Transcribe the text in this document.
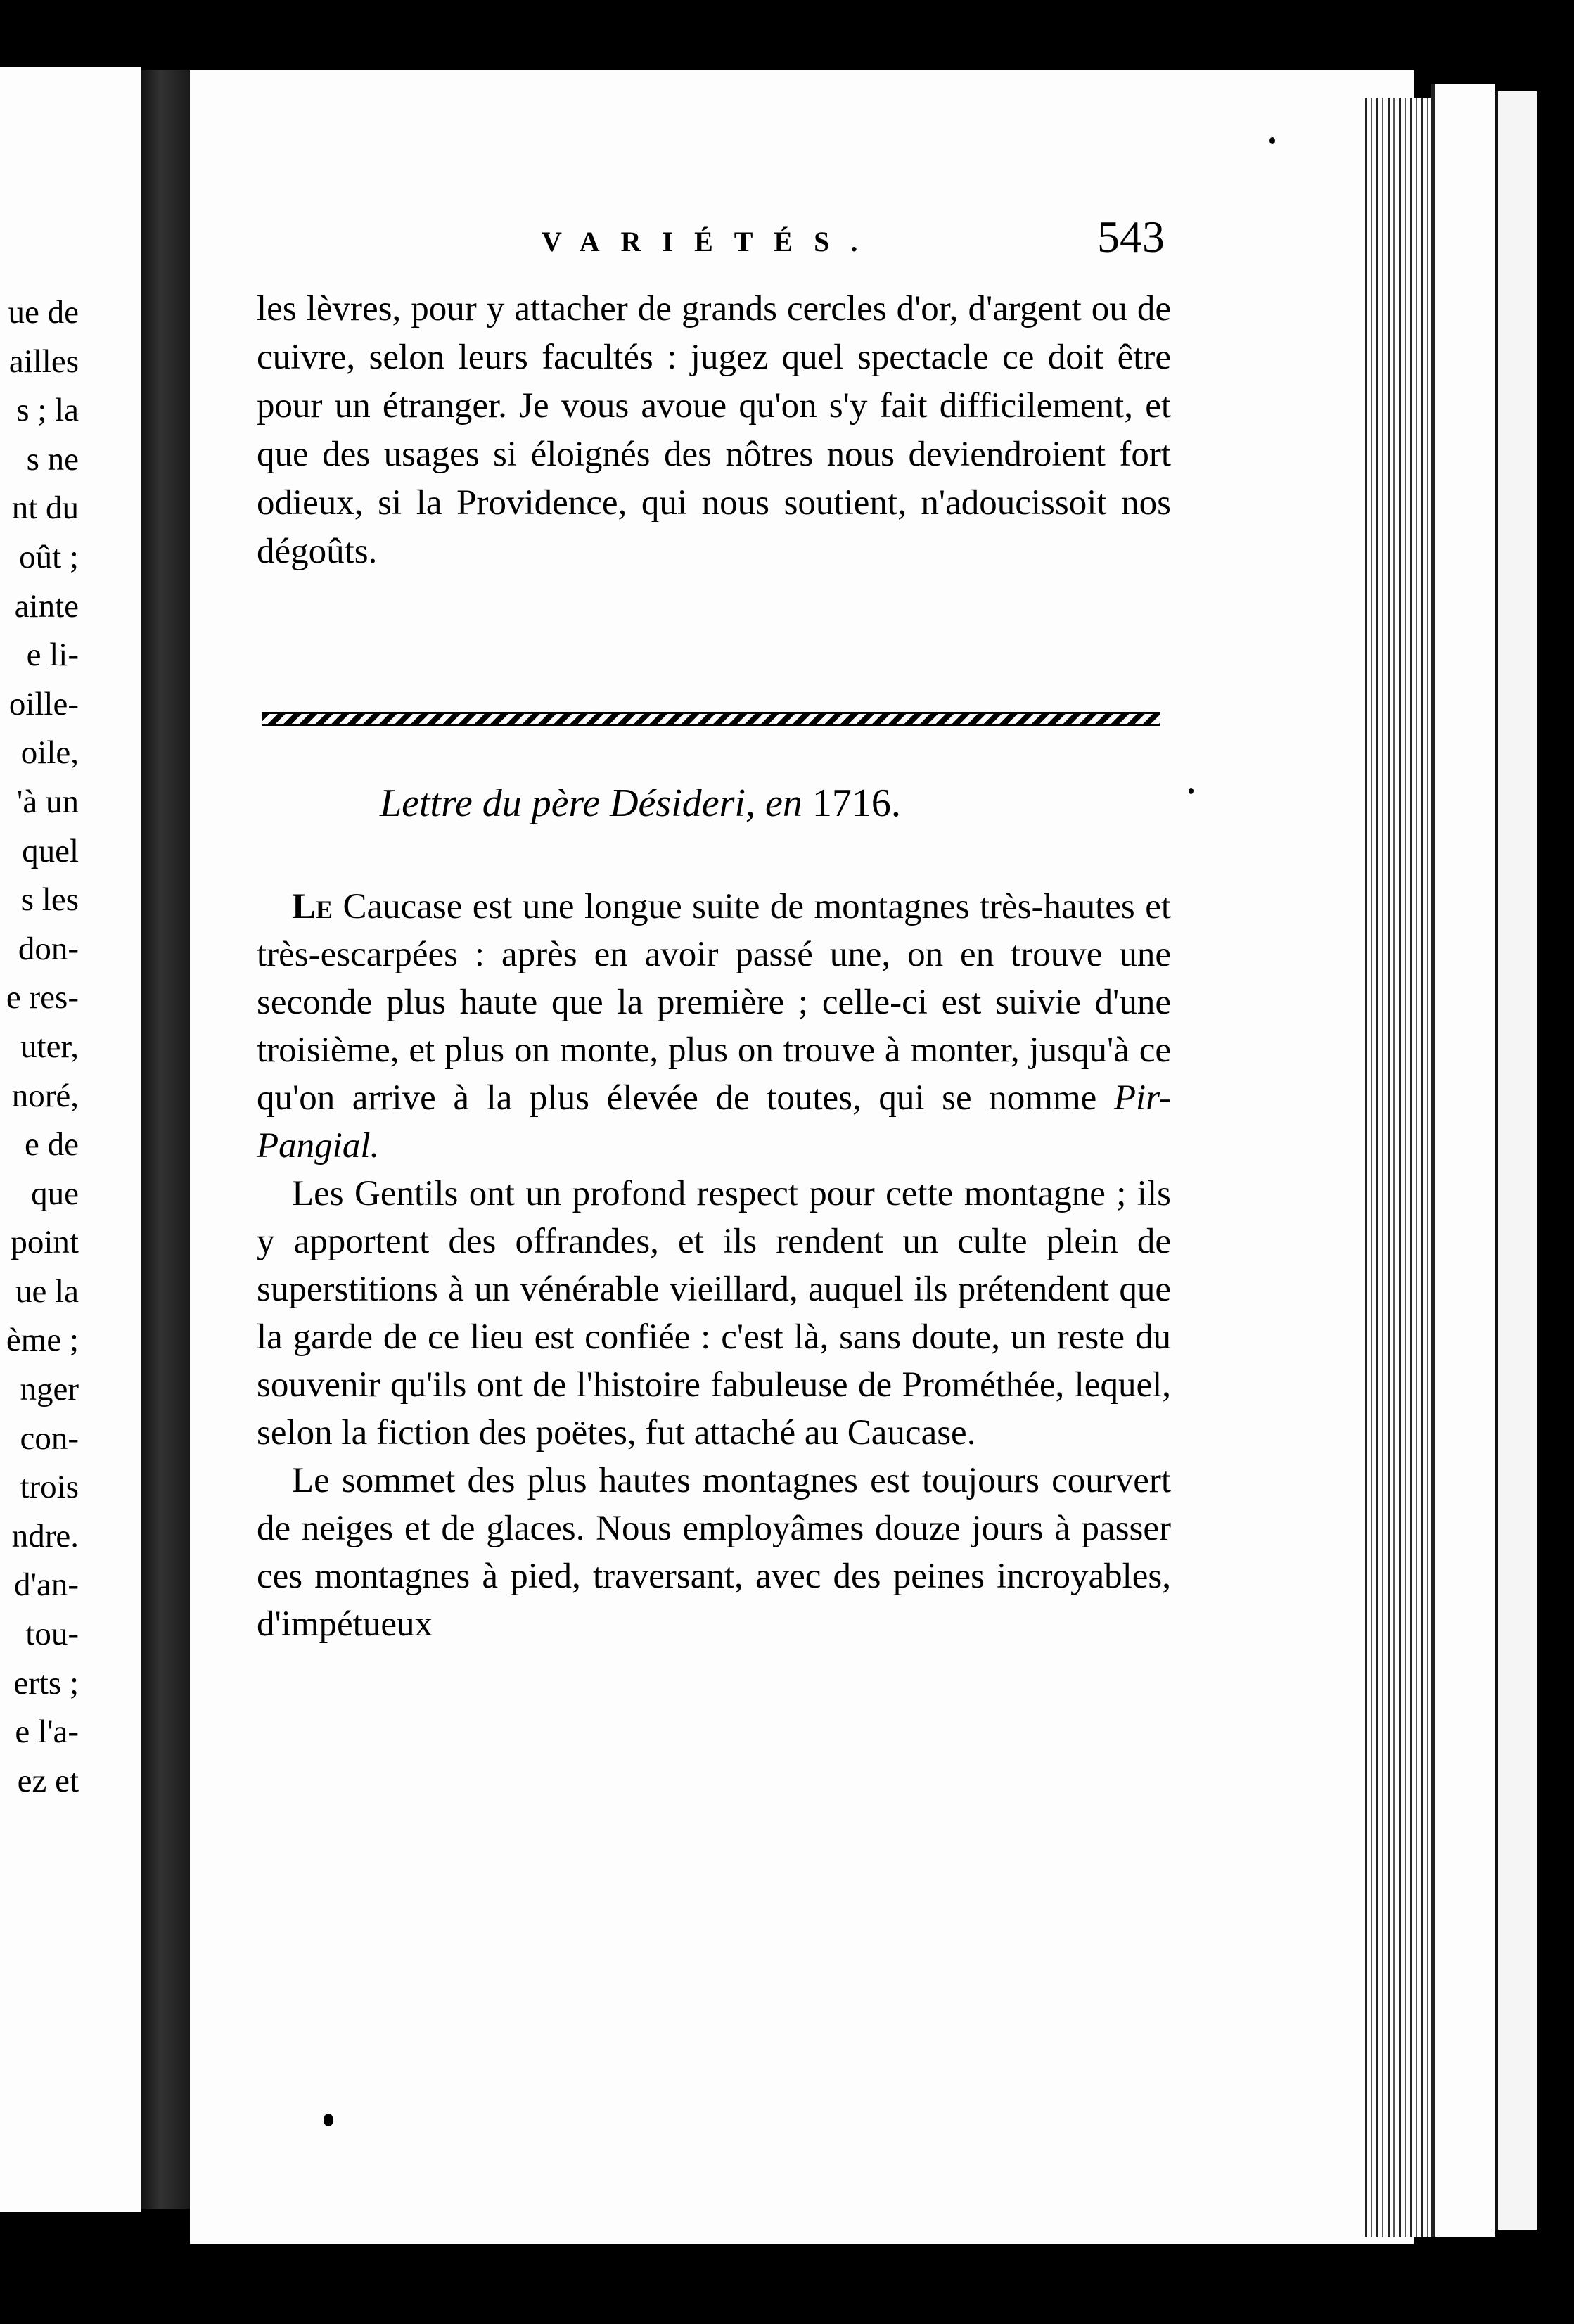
ue de
ailles
s ; la
s ne
nt du
oût ;
ainte
e li-
oille-
oile,
'à un
quel
s les
don-
e res-
uter,
noré,
e de
que
point
ue la
ème ;
nger
con-
trois
ndre.
d'an-
tou-
erts ;
e l'a-
ez et
VARIÉTÉS.	543

les lèvres, pour y attacher de grands cercles d'or, d'argent ou de cuivre, selon leurs facultés : jugez quel spectacle ce doit être pour un étranger. Je vous avoue qu'on s'y fait difficilement, et que des usages si éloignés des nôtres nous deviendroient fort odieux, si la Providence, qui nous soutient, n'adoucissoit nos dégoûts.

Lettre du père Désideri, en 1716.

Le Caucase est une longue suite de montagnes très-hautes et très-escarpées : après en avoir passé une, on en trouve une seconde plus haute que la première ; celle-ci est suivie d'une troisième, et plus on monte, plus on trouve à monter, jusqu'à ce qu'on arrive à la plus élevée de toutes, qui se nomme Pir-Pangial.

Les Gentils ont un profond respect pour cette montagne ; ils y apportent des offrandes, et ils rendent un culte plein de superstitions à un vénérable vieillard, auquel ils prétendent que la garde de ce lieu est confiée : c'est là, sans doute, un reste du souvenir qu'ils ont de l'histoire fabuleuse de Prométhée, lequel, selon la fiction des poëtes, fut attaché au Caucase.

Le sommet des plus hautes montagnes est toujours courvert de neiges et de glaces. Nous employâmes douze jours à passer ces montagnes à pied, traversant, avec des peines incroyables, d'impétueux
